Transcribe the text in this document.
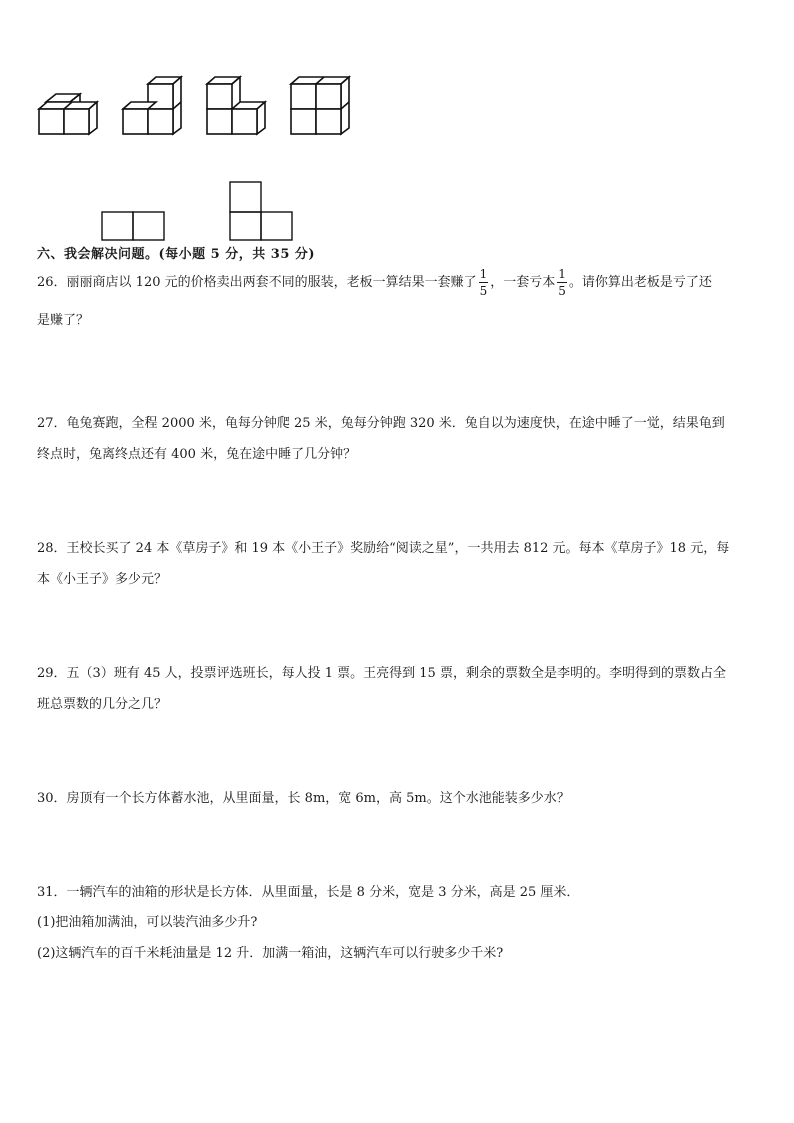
六、我会解决问题。(每小题 5 分，共 35 分)
26．丽丽商店以 120 元的价格卖出两套不同的服装，老板一算结果一套赚了 $\frac{1}{5}$ ，一套亏本 $\frac{1}{5}$ 。请你算出老板是亏了还
是赚了？
27．龟兔赛跑，全程 2000 米，龟每分钟爬 25 米，兔每分钟跑 320 米．兔自以为速度快，在途中睡了一觉，结果龟到
终点时，兔离终点还有 400 米，兔在途中睡了几分钟？
28．王校长买了 24 本《草房子》和 19 本《小王子》奖励给“阅读之星”，一共用去 812 元。每本《草房子》18 元，每
本《小王子》多少元？
29．五（3）班有 45 人，投票评选班长，每人投 1 票。王亮得到 15 票，剩余的票数全是李明的。李明得到的票数占全
班总票数的几分之几？
30．房顶有一个长方体蓄水池，从里面量，长 8m，宽 6m，高 5m。这个水池能装多少水？
31．一辆汽车的油箱的形状是长方体．从里面量，长是 8 分米，宽是 3 分米，高是 25 厘米．
(1)把油箱加满油，可以装汽油多少升?
(2)这辆汽车的百千米耗油量是 12 升．加满一箱油，这辆汽车可以行驶多少千米?
